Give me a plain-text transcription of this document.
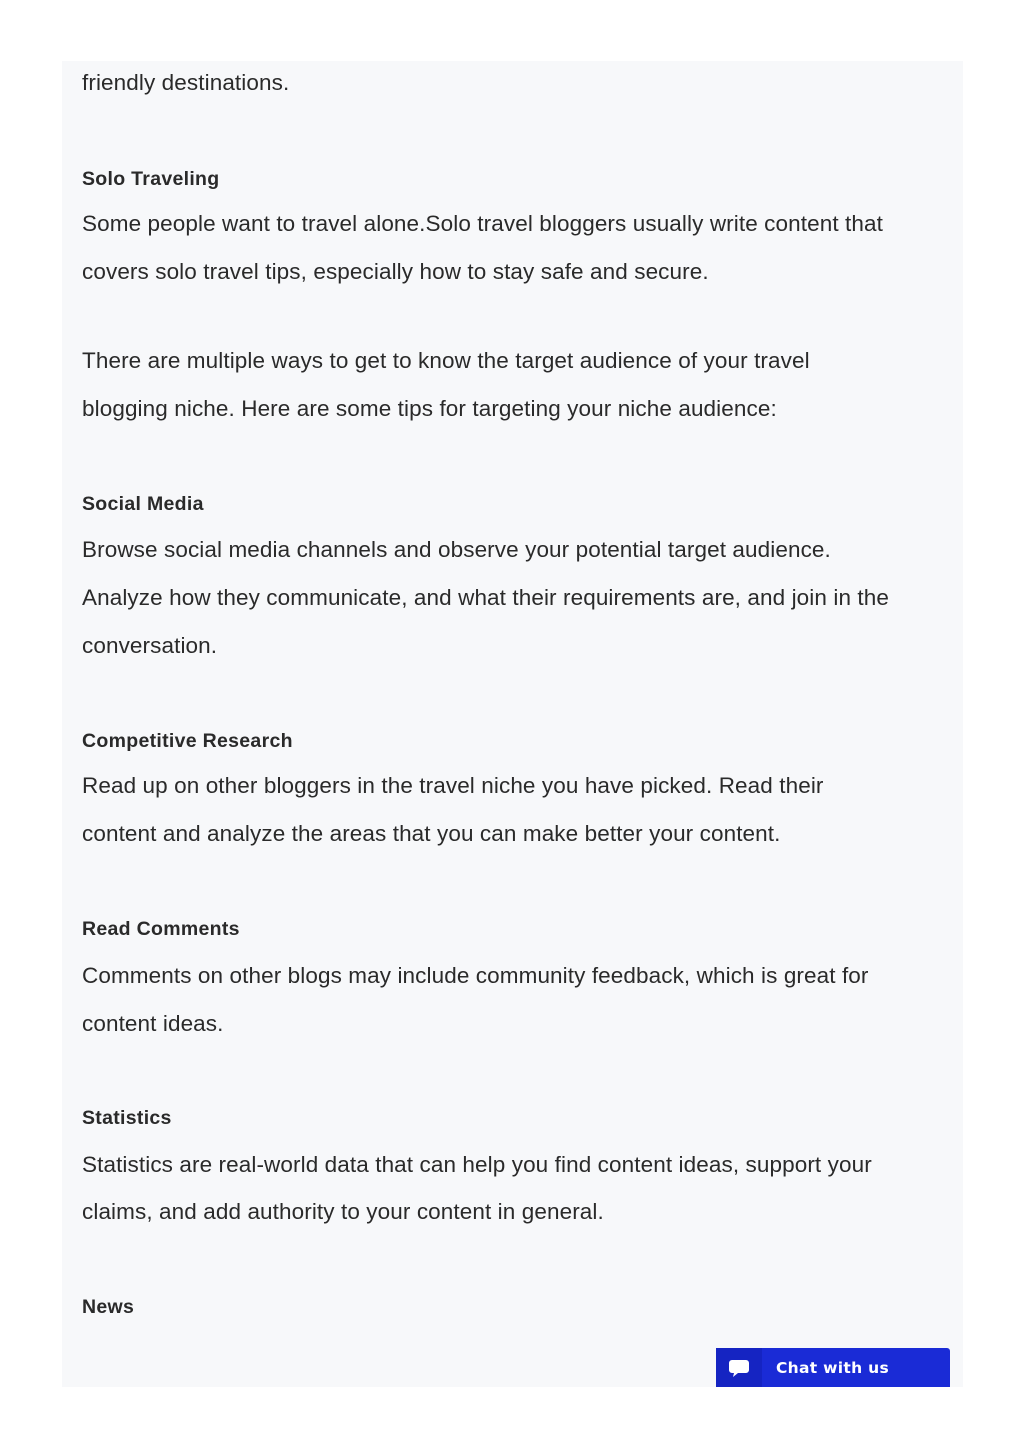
friendly destinations.

Solo Traveling

Some people want to travel alone.Solo travel bloggers usually write content that

covers solo travel tips, especially how to stay safe and secure.

There are multiple ways to get to know the target audience of your travel

blogging niche. Here are some tips for targeting your niche audience:

Social Media

Browse social media channels and observe your potential target audience.

Analyze how they communicate, and what their requirements are, and join in the

conversation.

Competitive Research

Read up on other bloggers in the travel niche you have picked. Read their

content and analyze the areas that you can make better your content.

Read Comments

Comments on other blogs may include community feedback, which is great for

content ideas.

Statistics

Statistics are real-world data that can help you find content ideas, support your

claims, and add authority to your content in general.

News

Chat with us
